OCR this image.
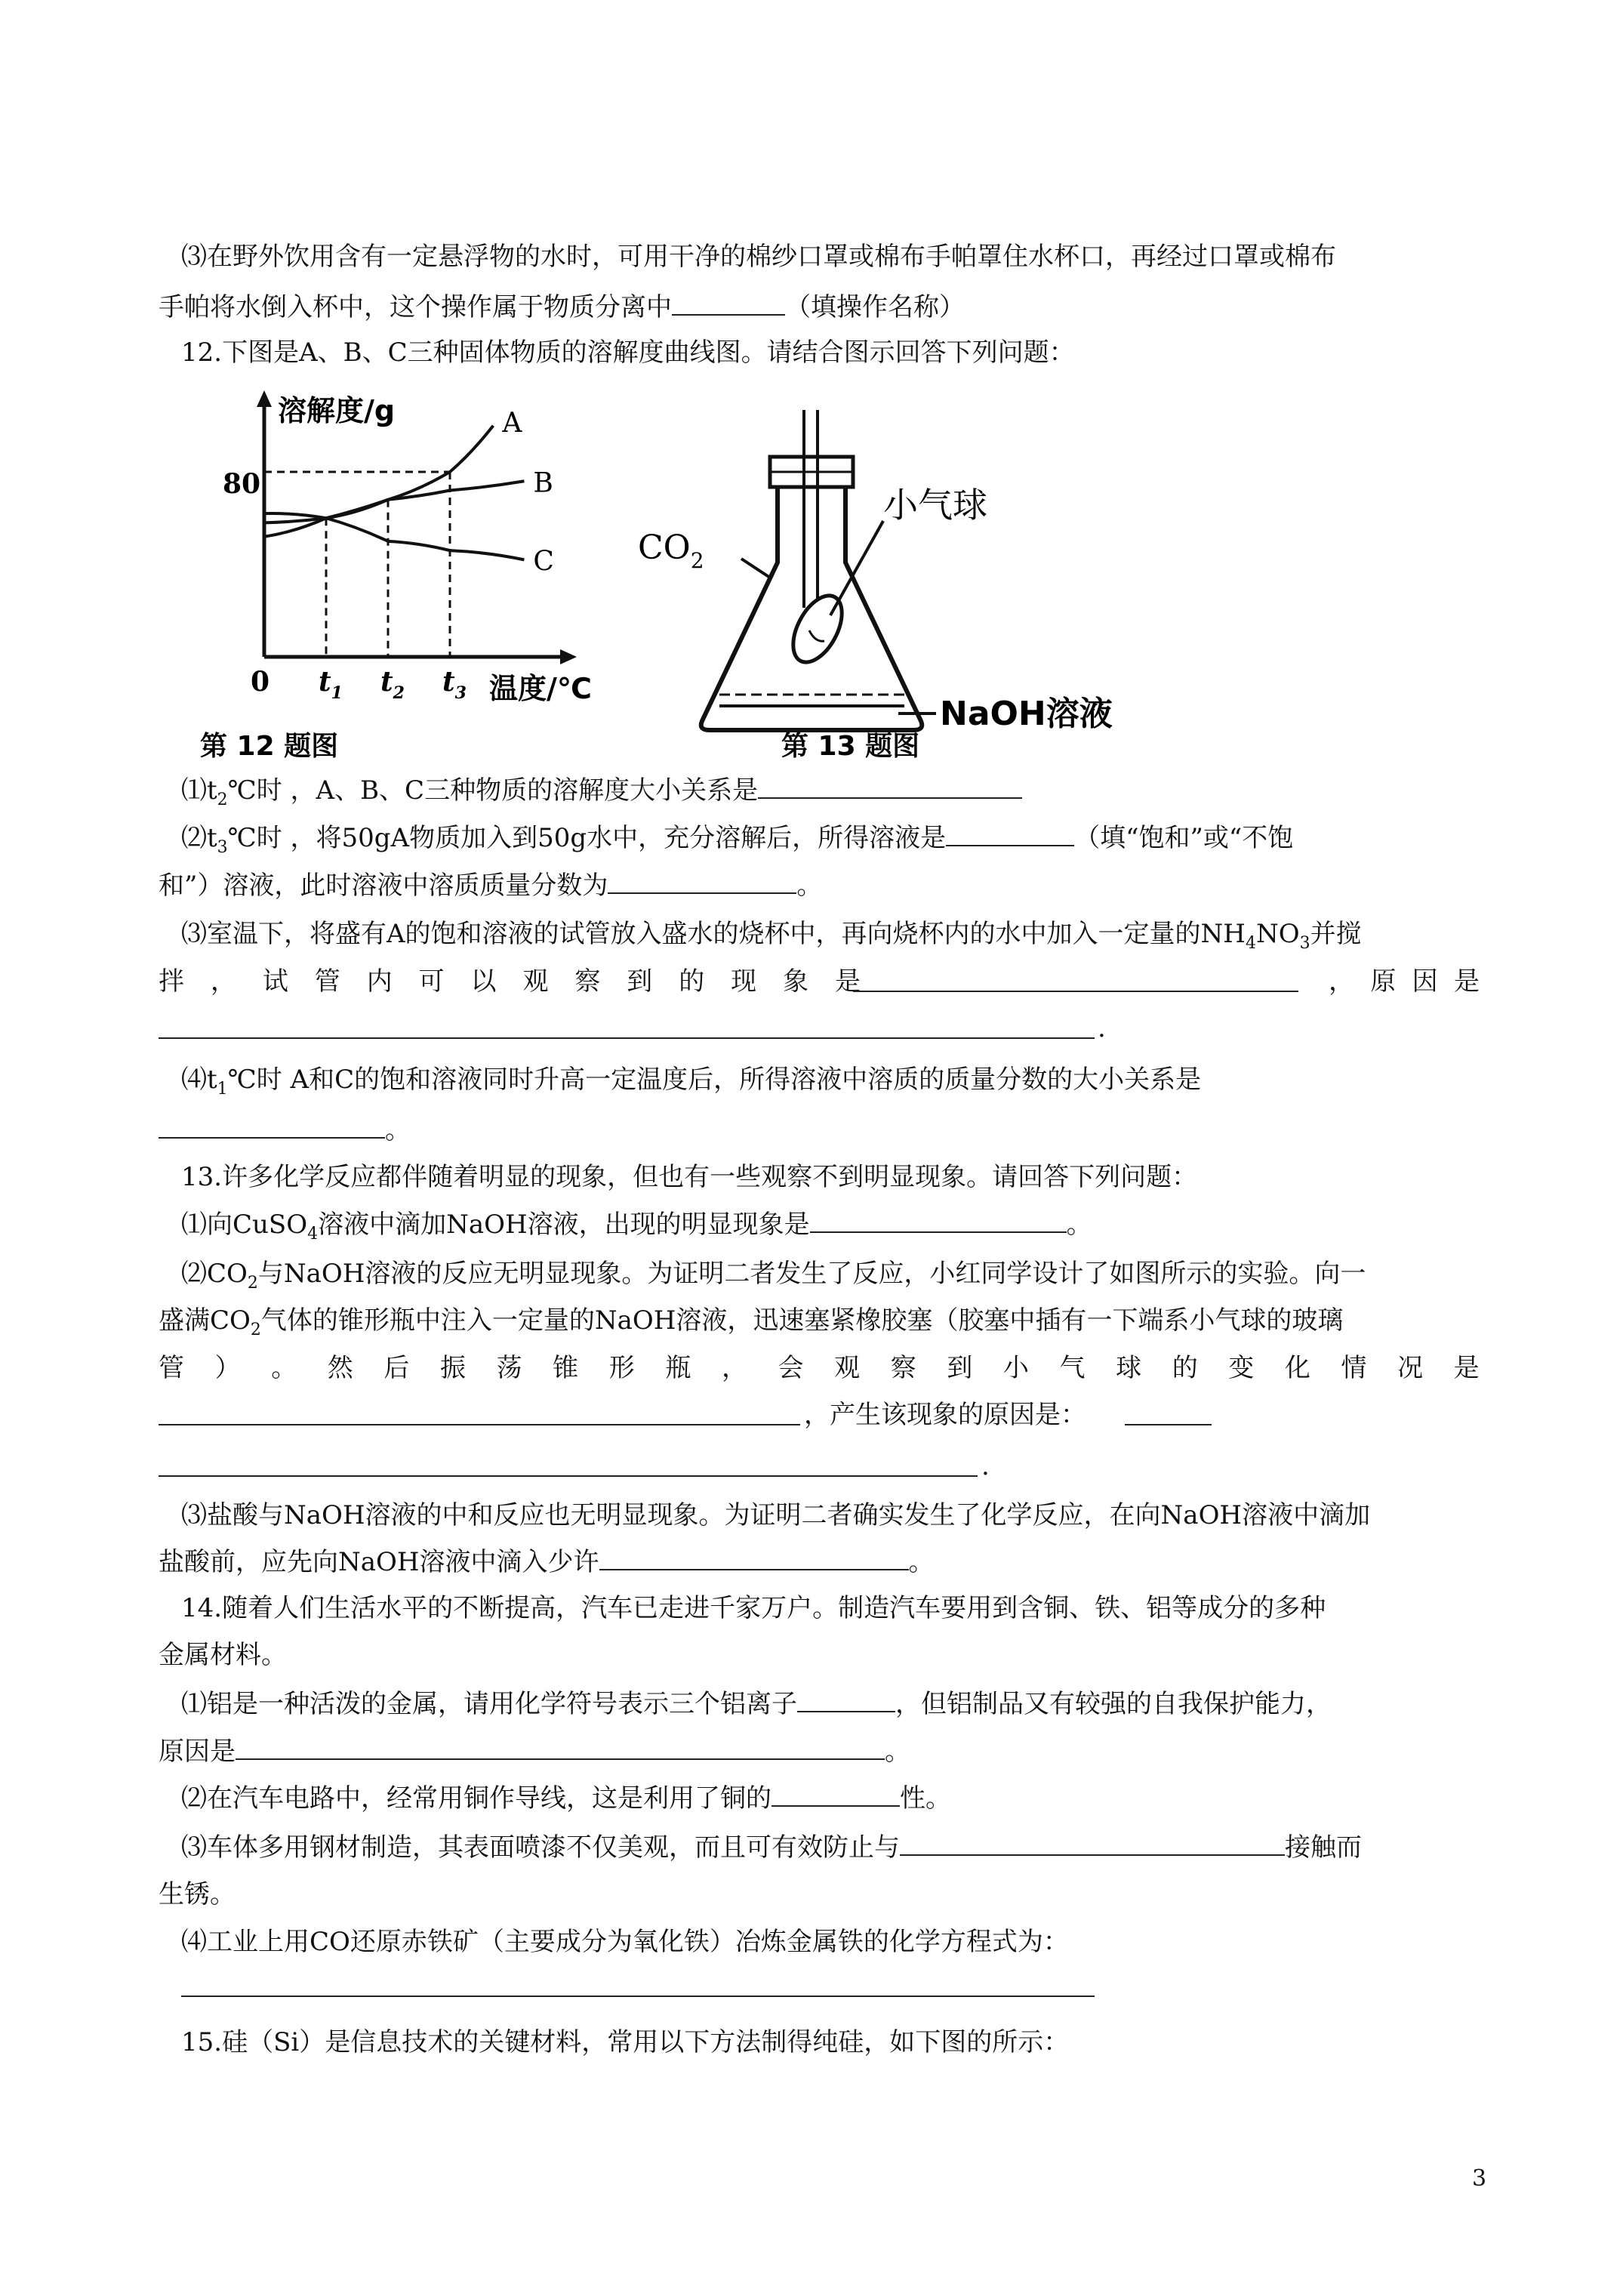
⑶在野外饮用含有一定悬浮物的水时，可用干净的棉纱口罩或棉布手帕罩住水杯口，再经过口罩或棉布
手帕将水倒入杯中，这个操作属于物质分离中	（填操作名称）
12.下图是A、B、C三种固体物质的溶解度曲线图。请结合图示回答下列问题：
溶解度/g
80
0 $t_1$ $t_2$ $t_3$ 温度/℃
A
B
C	$CO_2$
小气球
NaOH溶液
第 12 题图	第 13 题图
$⑴t_2℃$时 ，A、B、C三种物质的溶解度大小关系是
$⑵t_3℃$时 ，将50gA物质加入到50g水中，充分溶解后，所得溶液是	（填“饱和”或“不饱
和”）溶液，此时溶液中溶质质量分数为	。
⑶室温下，将盛有A的饱和溶液的试管放入盛水的烧杯中，再向烧杯内的水中加入一定量的$NH_4NO_3$并搅
拌 ， 试 管 内 可 以 观 察 到 的 现 象 是	， 原 因 是
.
$⑷t_1℃$时 A和C的饱和溶液同时升高一定温度后，所得溶液中溶质的质量分数的大小关系是
。
13.许多化学反应都伴随着明显的现象，但也有一些观察不到明显现象。请回答下列问题：
⑴向CuSO$_4$溶液中滴加NaOH溶液，出现的明显现象是	。
$⑵CO_2$与NaOH溶液的反应无明显现象。为证明二者发生了反应，小红同学设计了如图所示的实验。向一
盛满$CO_2$气体的锥形瓶中注入一定量的NaOH溶液，迅速塞紧橡胶塞（胶塞中插有一下端系小气球的玻璃
管 ） 。 然 后 振 荡 锥 形 瓶 ， 会 观 察 到 小 气 球 的 变 化 情 况 是
，产生该现象的原因是：
.
⑶盐酸与NaOH溶液的中和反应也无明显现象。为证明二者确实发生了化学反应，在向NaOH溶液中滴加
盐酸前，应先向NaOH溶液中滴入少许	。
14.随着人们生活水平的不断提高，汽车已走进千家万户。制造汽车要用到含铜、铁、铝等成分的多种
金属材料。
⑴铝是一种活泼的金属，请用化学符号表示三个铝离子	，但铝制品又有较强的自我保护能力，
原因是	。
⑵在汽车电路中，经常用铜作导线，这是利用了铜的	性。
⑶车体多用钢材制造，其表面喷漆不仅美观，而且可有效防止与	接触而
生锈。
⑷工业上用CO还原赤铁矿（主要成分为氧化铁）冶炼金属铁的化学方程式为：
15.硅（Si）是信息技术的关键材料，常用以下方法制得纯硅，如下图的所示：
3
